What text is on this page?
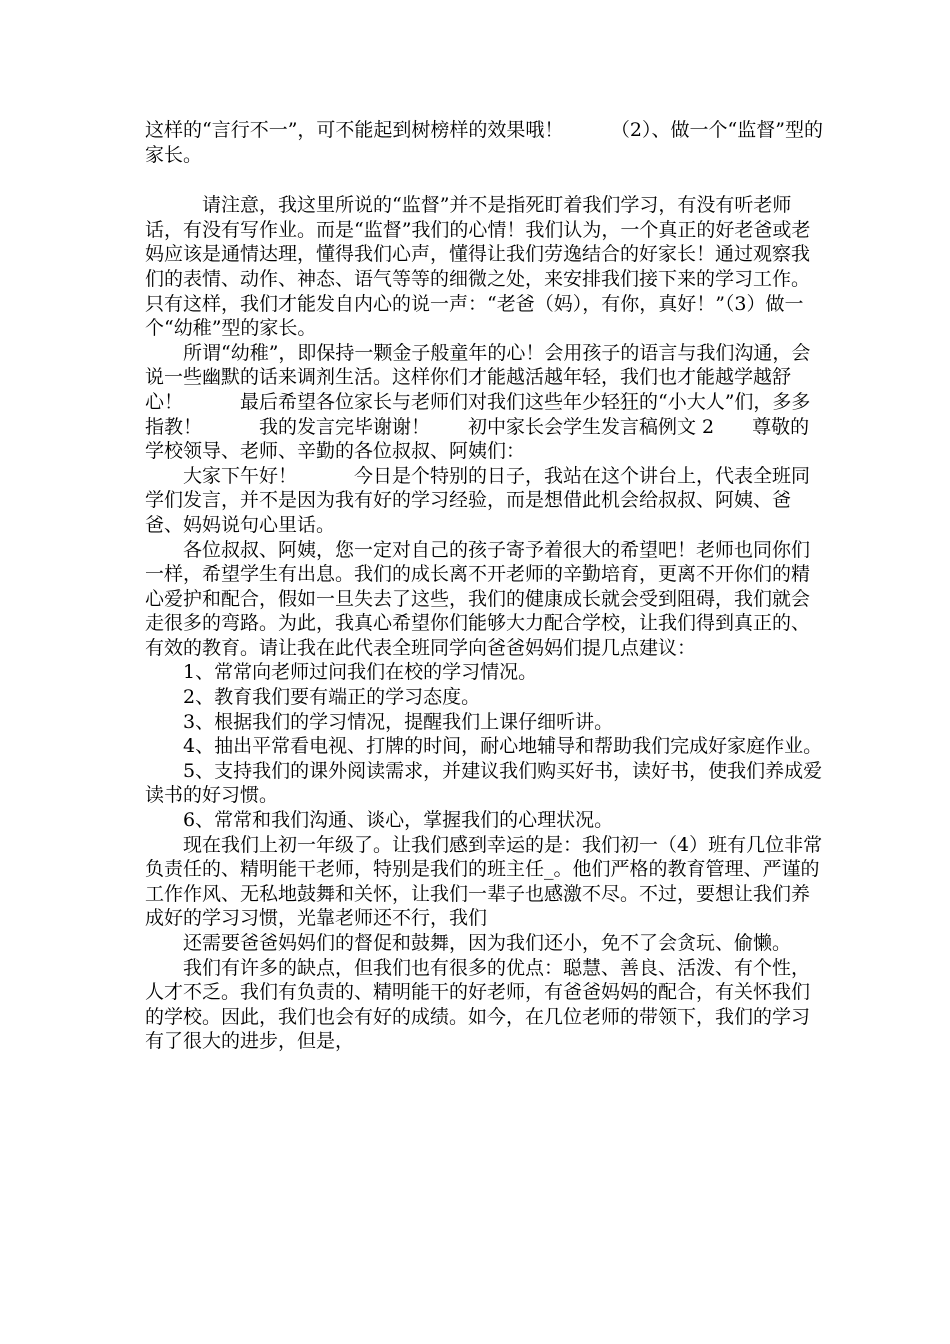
这样的“言行不一”，可不能起到树榜样的效果哦！　　　（2）、做一个“监督”型的家长。

　　　请注意，我这里所说的“监督”并不是指死盯着我们学习，有没有听老师话，有没有写作业。而是“监督”我们的心情！我们认为，一个真正的好老爸或老妈应该是通情达理，懂得我们心声，懂得让我们劳逸结合的好家长！通过观察我们的表情、动作、神态、语气等等的细微之处，来安排我们接下来的学习工作。只有这样，我们才能发自内心的说一声：“老爸（妈），有你，真好！”（3）做一个“幼稚”型的家长。

　　所谓“幼稚”，即保持一颗金子般童年的心！会用孩子的语言与我们沟通，会说一些幽默的话来调剂生活。这样你们才能越活越年轻，我们也才能越学越舒心！　　　最后希望各位家长与老师们对我们这些年少轻狂的“小大人”们，多多指教！　　　我的发言完毕谢谢！　　初中家长会学生发言稿例文 2　　尊敬的学校领导、老师、辛勤的各位叔叔、阿姨们：

　　大家下午好！　　　今日是个特别的日子，我站在这个讲台上，代表全班同学们发言，并不是因为我有好的学习经验，而是想借此机会给叔叔、阿姨、爸爸、妈妈说句心里话。

　　各位叔叔、阿姨，您一定对自己的孩子寄予着很大的希望吧！老师也同你们一样，希望学生有出息。我们的成长离不开老师的辛勤培育，更离不开你们的精心爱护和配合，假如一旦失去了这些，我们的健康成长就会受到阻碍，我们就会走很多的弯路。为此，我真心希望你们能够大力配合学校，让我们得到真正的、有效的教育。请让我在此代表全班同学向爸爸妈妈们提几点建议：

　　1、常常向老师过问我们在校的学习情况。

　　2、教育我们要有端正的学习态度。

　　3、根据我们的学习情况，提醒我们上课仔细听讲。

　　4、抽出平常看电视、打牌的时间，耐心地辅导和帮助我们完成好家庭作业。

　　5、支持我们的课外阅读需求，并建议我们购买好书，读好书，使我们养成爱读书的好习惯。

　　6、常常和我们沟通、谈心，掌握我们的心理状况。

　　现在我们上初一年级了。让我们感到幸运的是：我们初一（4）班有几位非常负责任的、精明能干老师，特别是我们的班主任_。他们严格的教育管理、严谨的工作作风、无私地鼓舞和关怀，让我们一辈子也感激不尽。不过，要想让我们养成好的学习习惯，光靠老师还不行，我们

　　还需要爸爸妈妈们的督促和鼓舞，因为我们还小，免不了会贪玩、偷懒。

　　我们有许多的缺点，但我们也有很多的优点：聪慧、善良、活泼、有个性，人才不乏。我们有负责的、精明能干的好老师，有爸爸妈妈的配合，有关怀我们的学校。因此，我们也会有好的成绩。如今，在几位老师的带领下，我们的学习有了很大的进步，但是，
